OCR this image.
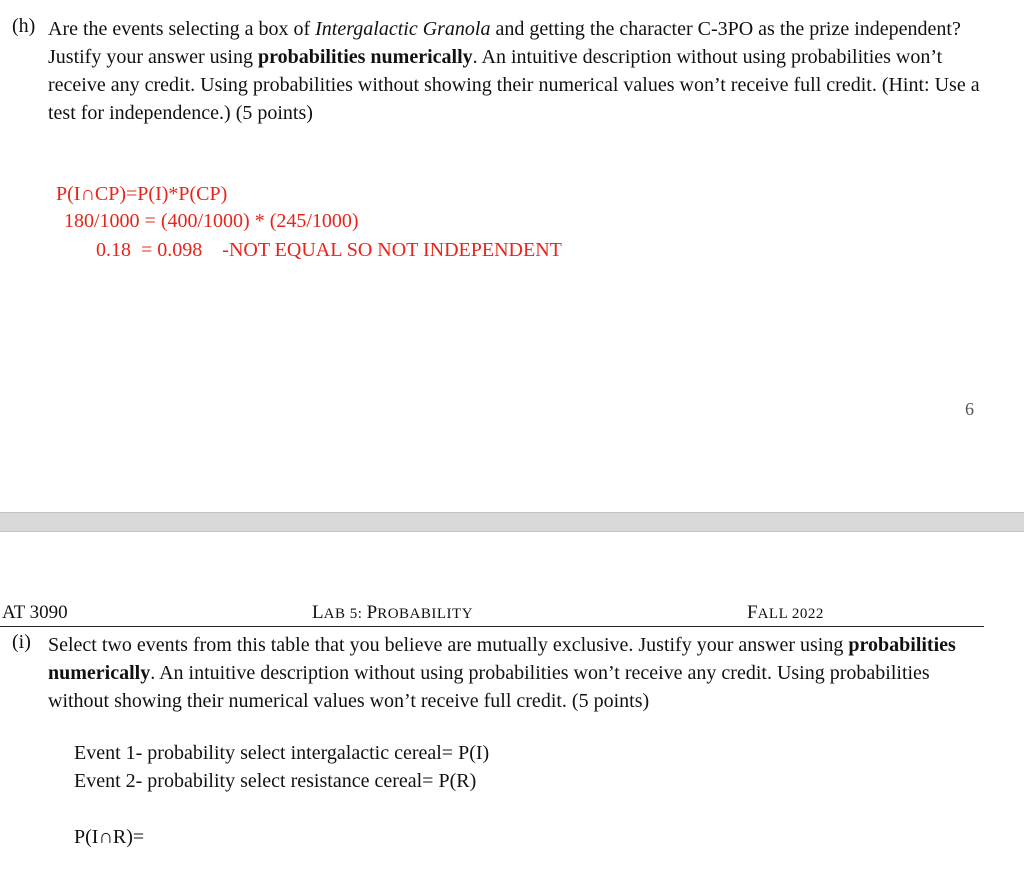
(h) Are the events selecting a box of Intergalactic Granola and getting the character C-3PO as the prize independent? Justify your answer using probabilities numerically. An intuitive description without using probabilities won’t receive any credit. Using probabilities without showing their numerical values won’t receive full credit. (Hint: Use a test for independence.) (5 points)
P(I∩CP)=P(I)*P(CP)
180/1000 = (400/1000) * (245/1000)
0.18  = 0.098    -NOT EQUAL SO NOT INDEPENDENT
6
AT 3090	LAB 5: PROBABILITY	FALL 2022
(i) Select two events from this table that you believe are mutually exclusive. Justify your answer using probabilities numerically. An intuitive description without using probabilities won’t receive any credit. Using probabilities without showing their numerical values won’t receive full credit. (5 points)
Event 1- probability select intergalactic cereal= P(I)
Event 2- probability select resistance cereal= P(R)
P(I∩R)=
